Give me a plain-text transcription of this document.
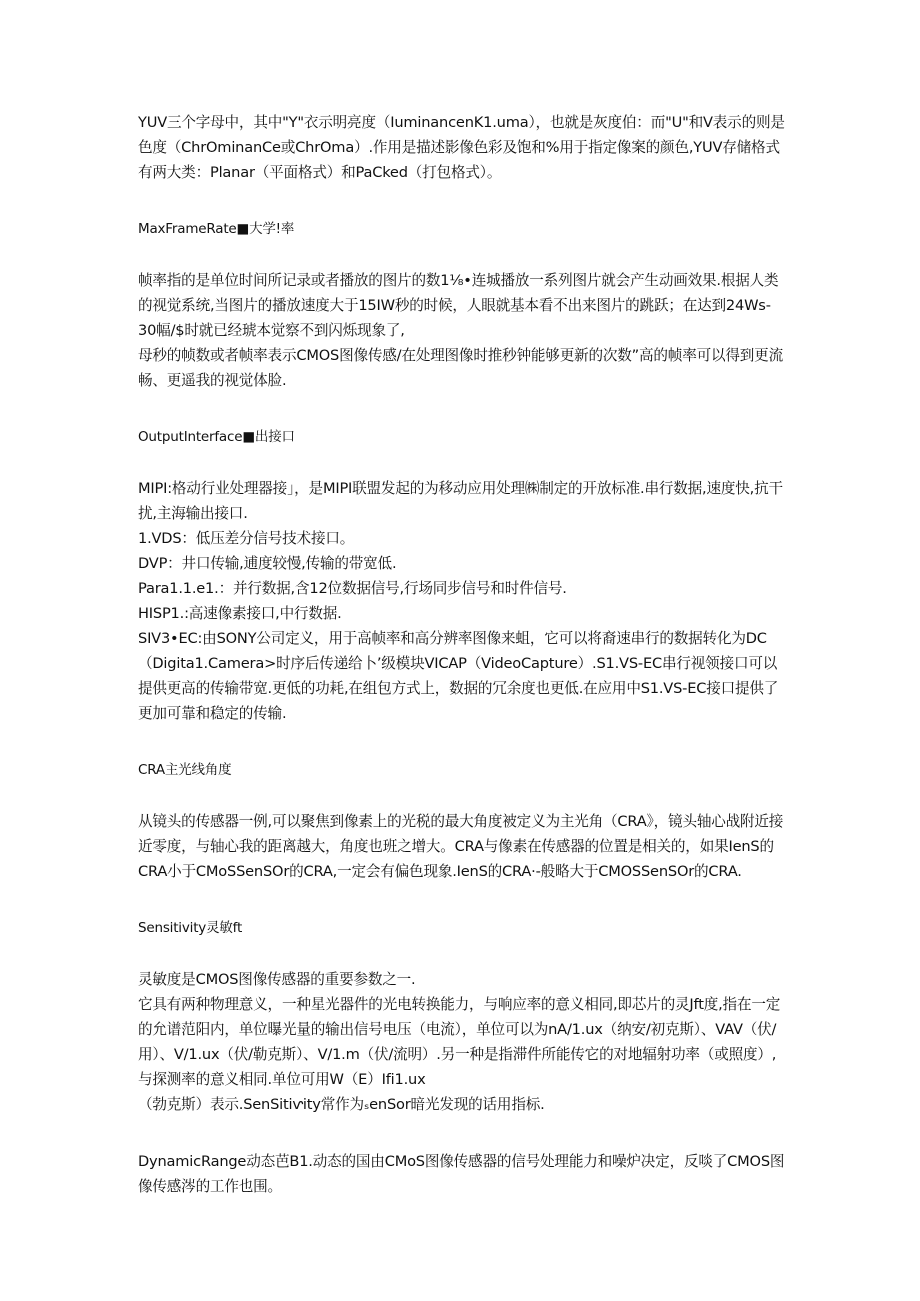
YUV三个字母中，其中"Y"衣示明亮度（IuminancenK1.uma），也就是灰度伯：而"U"和V表示的则是色度（ChrOminanCe或ChrOma）.作用是描述影像色彩及饱和%用于指定像案的颜色,YUV存储格式有两大类：Planar（平面格式）和PaCked（打包格式）。

MaxFrameRate■大学!率

帧率指的是单位时间所记录或者播放的图片的数1⅛•连城播放一系列图片就会产生动画效果.根据人类的视觉系统,当图片的播放速度大于15IW秒的时候，人眼就基本看不出来图片的跳跃；在达到24Ws-30幅/$时就已经琥本觉察不到闪烁现象了,

母秒的帧数或者帧率表示CMOS图像传感/在处理图像时推秒钟能够更新的次数”高的帧率可以得到更流畅、更遥我的视觉体脸.

OutputInterface■出接口

MIPI:格动行业处理器接」，是MIPI联盟发起的为移动应用处理㈱制定的开放标准.串行数据,速度快,抗干扰,主海输出接口.

1.VDS：低压差分信号技术接口。

DVP：井口传输,逋度较慢,传输的带宽低.

Para1.1.e1.：并行数据,含12位数据信号,行场同步信号和时件信号.

HISP1.:高速像素接口,中行数据.

SIV3•EC:由SONY公司定义，用于高帧率和高分辨率图像来蛆，它可以将裔速串行的数据转化为DC（Digita1.Camera>时序后传递给卜’级模块VICAP（VideoCapture）.S1.VS-EC串行视领接口可以提供更高的传输带宽.更低的功耗,在组包方式上，数据的冗余度也更低.在应用中S1.VS-EC接口提供了更加可靠和稳定的传输.

CRA主光线角度

从镜头的传感器一例,可以聚焦到像素上的光税的最大角度被定义为主光角（CRA》，镜头轴心战附近接近零度，与轴心我的距离越大，角度也班之增大。CRA与像素在传感器的位置是相关的，如果IenS的CRA小于CMoSSenSOr的CRA,一定会有偏色现象.IenS的CRA·-般略大于CMOSSenSOr的CRA.

Sensitivity灵敏ft

灵敏度是CMOS图像传感器的重要参数之一.

它具有两种物理意义，一种星光器件的光电转换能力，与响应率的意义相同,即芯片的灵Jft度,指在一定的允谱范阳内，单位曝光量的输出信号电压（电流），单位可以为nA/1.ux（纳安/初克斯）、VAV（伏/用）、V/1.ux（伏/勒克斯）、V/1.m（伏/流明）.另一种是指滞件所能传它的对地辐射功率（或照度）,与探测率的意义相同.单位可用W（E）Ifi1.ux

（勃克斯）表示.SenSitiⱱity常作为ₛenSor暗光发现的话用指标.

DynamicRange动态芭B1.动态的国由CMoS图像传感器的信号处理能力和噪炉决定，反啖了CMOS图像传感涔的工作也围。
